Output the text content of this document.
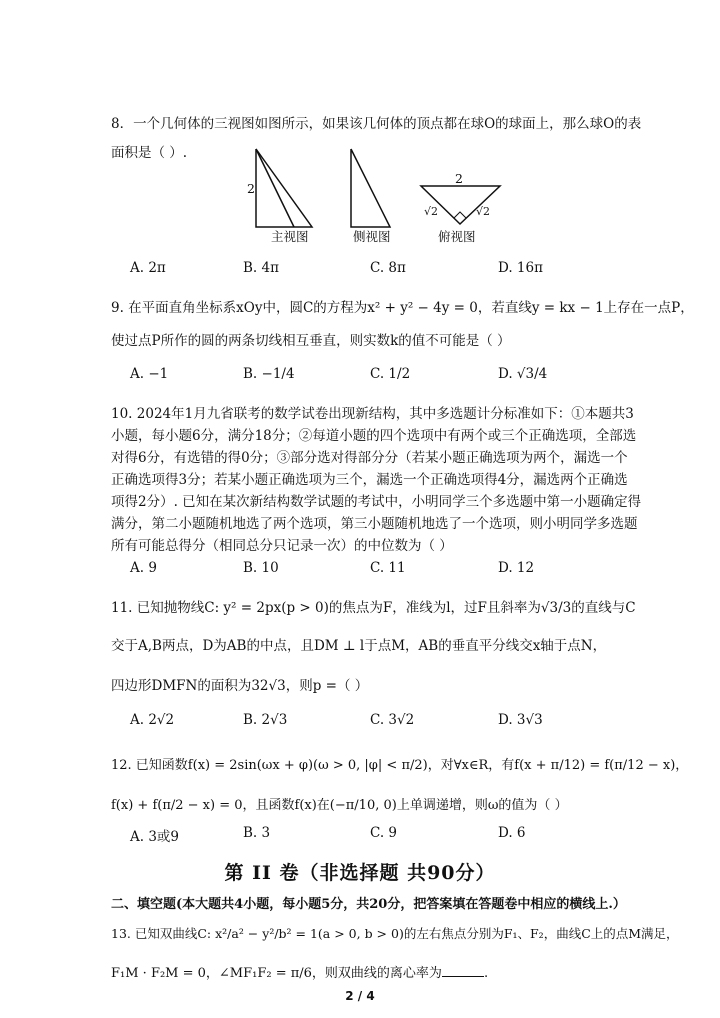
8．一个几何体的三视图如图所示，如果该几何体的顶点都在球O的球面上，那么球O的表
面积是（ ）.
2
2
√2	√2
主视图	侧视图	俯视图
A. 2π	B. 4π	C. 8π	D. 16π
9. 在平面直角坐标系xOy中，圆C的方程为x² + y² − 4y = 0，若直线y = kx − 1上存在一点P，
使过点P所作的圆的两条切线相互垂直，则实数k的值不可能是（ ）
A. −1	B. −1/4	C. 1/2	D. √3/4
10. 2024年1月九省联考的数学试卷出现新结构，其中多选题计分标准如下：①本题共3
小题，每小题6分，满分18分；②每道小题的四个选项中有两个或三个正确选项，全部选
对得6分，有选错的得0分；③部分选对得部分分（若某小题正确选项为两个，漏选一个
正确选项得3分；若某小题正确选项为三个，漏选一个正确选项得4分，漏选两个正确选
项得2分）. 已知在某次新结构数学试题的考试中，小明同学三个多选题中第一小题确定得
满分，第二小题随机地选了两个选项，第三小题随机地选了一个选项，则小明同学多选题
所有可能总得分（相同总分只记录一次）的中位数为（ ）
A. 9	B. 10	C. 11	D. 12
11. 已知抛物线C: y² = 2px(p > 0)的焦点为F，准线为l，过F且斜率为√3/3的直线与C
交于A,B两点，D为AB的中点，且DM ⊥ l于点M，AB的垂直平分线交x轴于点N，
四边形DMFN的面积为32√3，则p =（ ）
A. 2√2	B. 2√3	C. 3√2	D. 3√3
12. 已知函数f(x) = 2sin(ωx + φ)(ω > 0, |φ| < π/2)，对∀x∈R，有f(x + π/12) = f(π/12 − x)，
f(x) + f(π/2 − x) = 0，且函数f(x)在(−π/10, 0)上单调递增，则ω的值为（ ）
A. 3或9	B. 3	C. 9	D. 6
第 II 卷（非选择题 共90分）
二、填空题(本大题共4小题，每小题5分，共20分，把答案填在答题卷中相应的横线上.）
13. 已知双曲线C: x²/a² − y²/b² = 1(a > 0, b > 0)的左右焦点分别为F₁、F₂，曲线C上的点M满足，
F₁M · F₂M = 0，∠MF₁F₂ = π/6，则双曲线的离心率为	.
2 / 4
